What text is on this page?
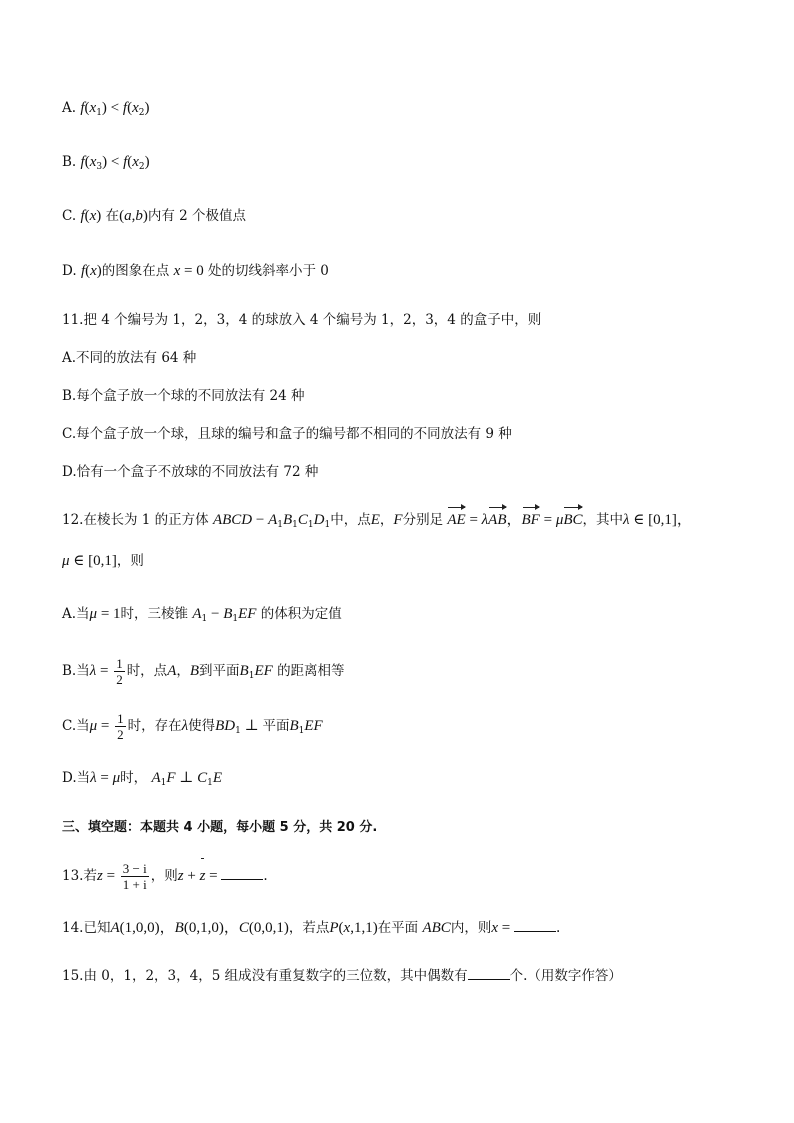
A. $f(x_1) < f(x_2)$
B. $f(x_3) < f(x_2)$
C. f(x) 在(a,b)内有 2 个极值点
D. f(x)的图象在点 x = 0 处的切线斜率小于 0
11.把 4 个编号为 1，2，3，4 的球放入 4 个编号为 1，2，3，4 的盒子中，则
A.不同的放法有 64 种
B.每个盒子放一个球的不同放法有 24 种
C.每个盒子放一个球，且球的编号和盒子的编号都不相同的不同放法有 9 种
D.恰有一个盒子不放球的不同放法有 72 种
12.在棱长为 1 的正方体 ABCD − $A_1B_1C_1D_1$中，点E，F分别足 AE = λAB，BF = μBC，其中λ ∈ [0,1]，
μ ∈ [0,1]，则
A.当μ = 1时，三棱锥 $A_1 - B_1EF$ 的体积为定值
B.当$\lambda = \frac{1}{2}$ 时，点A，B到平面$B_1EF$ 的距离相等
C.当$\mu = \frac{1}{2}$ 时，存在λ使得$BD_1$ ⊥ 平面$B_1EF$
D.当λ = μ时， $A_1F$ ⊥ $C_1E$
三、填空题：本题共 4 小题，每小题 5 分，共 20 分.
13.若$z = \frac{3 - i}{1 + i}$ ，则z + z =	.
14.已知A(1,0,0)，B(0,1,0)，C(0,0,1)，若点P(x,1,1)在平面 ABC内，则x =	.
15.由 0，1，2，3，4，5 组成没有重复数字的三位数，其中偶数有	个.（用数字作答）
